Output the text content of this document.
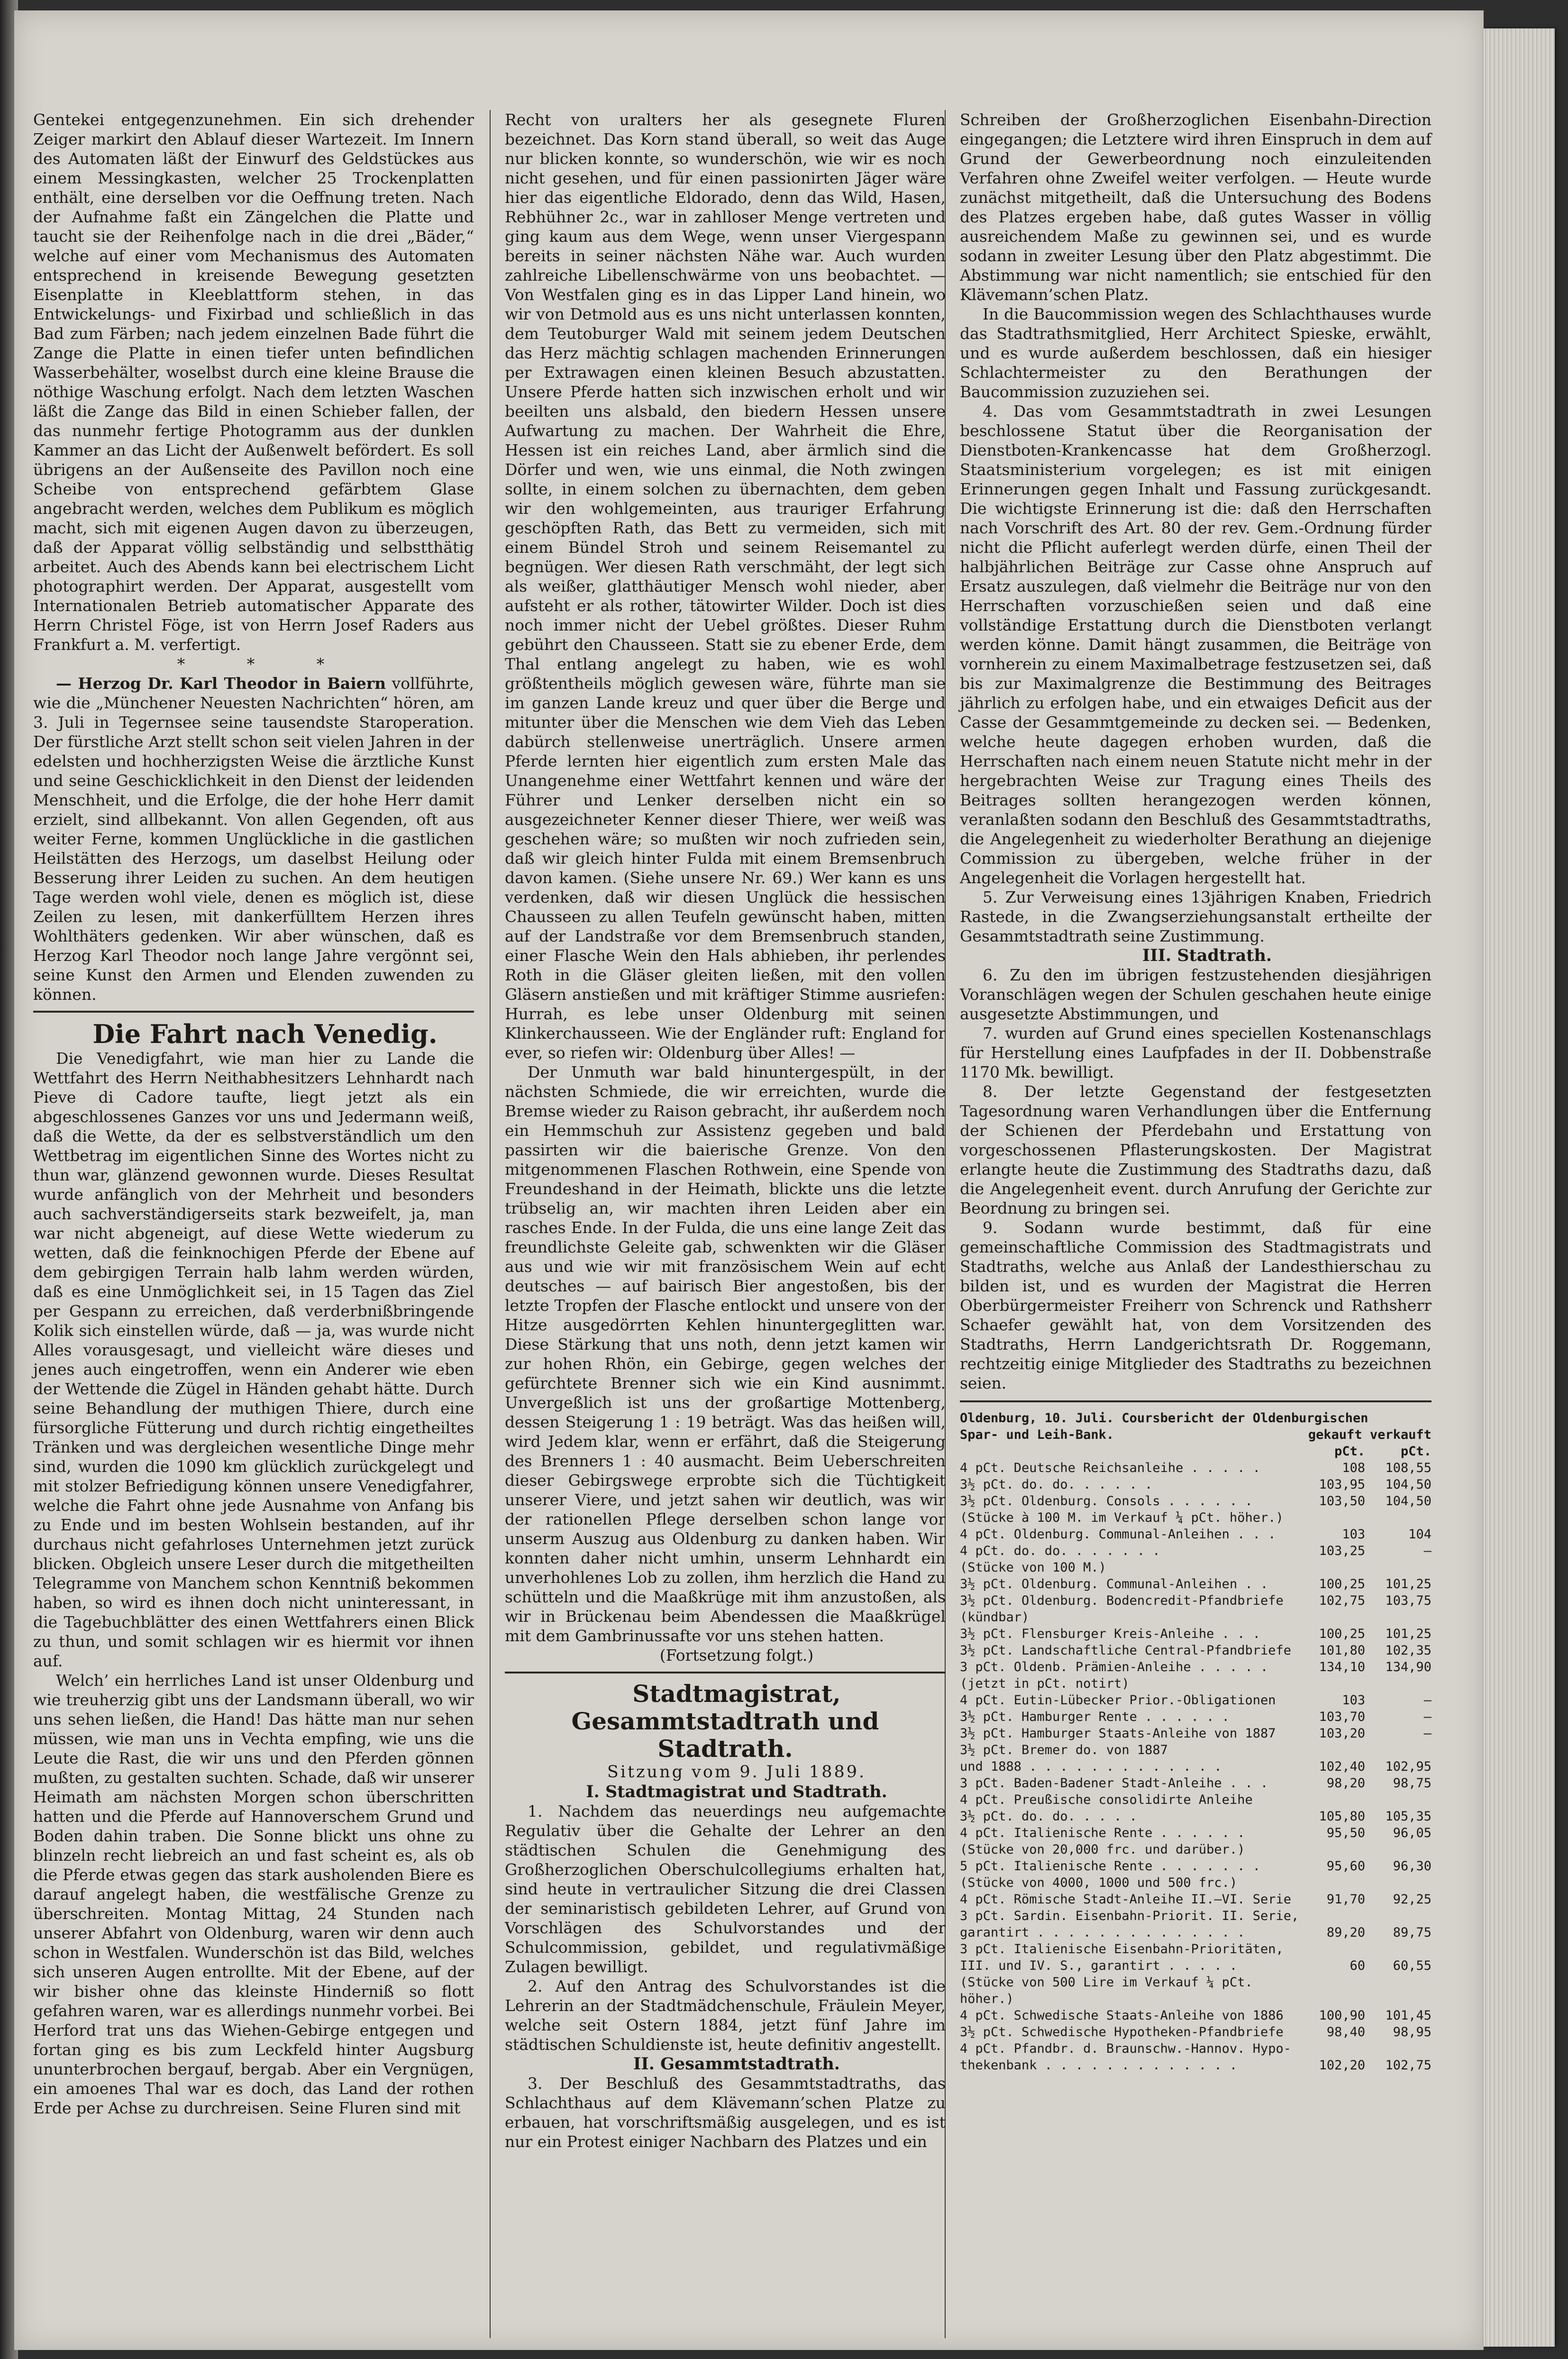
Gentekei entgegenzunehmen. Ein sich drehender Zeiger markirt den Ablauf dieser Wartezeit. Im Innern des Automaten läßt der Einwurf des Geldstückes aus einem Messingkasten, welcher 25 Trockenplatten enthält, eine derselben vor die Oeffnung treten. Nach der Aufnahme faßt ein Zängelchen die Platte und taucht sie der Reihenfolge nach in die drei „Bäder,“ welche auf einer vom Mechanismus des Automaten entsprechend in kreisende Bewegung gesetzten Eisenplatte in Kleeblattform stehen, in das Entwickelungs- und Fixirbad und schließlich in das Bad zum Färben; nach jedem einzelnen Bade führt die Zange die Platte in einen tiefer unten befindlichen Wasserbehälter, woselbst durch eine kleine Brause die nöthige Waschung erfolgt. Nach dem letzten Waschen läßt die Zange das Bild in einen Schieber fallen, der das nunmehr fertige Photogramm aus der dunklen Kammer an das Licht der Außenwelt befördert. Es soll übrigens an der Außenseite des Pavillon noch eine Scheibe von entsprechend gefärbtem Glase angebracht werden, welches dem Publikum es möglich macht, sich mit eigenen Augen davon zu überzeugen, daß der Apparat völlig selbständig und selbstthätig arbeitet. Auch des Abends kann bei electrischem Licht photographirt werden. Der Apparat, ausgestellt vom Internationalen Betrieb automatischer Apparate des Herrn Christel Föge, ist von Herrn Josef Raders aus Frankfurt a. M. verfertigt.

* * *

— Herzog Dr. Karl Theodor in Baiern vollführte, wie die „Münchener Neuesten Nachrichten“ hören, am 3. Juli in Tegernsee seine tausendste Staroperation. Der fürstliche Arzt stellt schon seit vielen Jahren in der edelsten und hochherzigsten Weise die ärztliche Kunst und seine Geschicklichkeit in den Dienst der leidenden Menschheit, und die Erfolge, die der hohe Herr damit erzielt, sind allbekannt. Von allen Gegenden, oft aus weiter Ferne, kommen Unglückliche in die gastlichen Heilstätten des Herzogs, um daselbst Heilung oder Besserung ihrer Leiden zu suchen. An dem heutigen Tage werden wohl viele, denen es möglich ist, diese Zeilen zu lesen, mit dankerfülltem Herzen ihres Wohlthäters gedenken. Wir aber wünschen, daß es Herzog Karl Theodor noch lange Jahre vergönnt sei, seine Kunst den Armen und Elenden zuwenden zu können.

Die Fahrt nach Venedig.

Die Venedigfahrt, wie man hier zu Lande die Wettfahrt des Herrn Neithabhesitzers Lehnhardt nach Pieve di Cadore taufte, liegt jetzt als ein abgeschlossenes Ganzes vor uns und Jedermann weiß, daß die Wette, da der es selbstverständlich um den Wettbetrag im eigentlichen Sinne des Wortes nicht zu thun war, glänzend gewonnen wurde. Dieses Resultat wurde anfänglich von der Mehrheit und besonders auch sachverständigerseits stark bezweifelt, ja, man war nicht abgeneigt, auf diese Wette wiederum zu wetten, daß die feinknochigen Pferde der Ebene auf dem gebirgigen Terrain halb lahm werden würden, daß es eine Unmöglichkeit sei, in 15 Tagen das Ziel per Gespann zu erreichen, daß verderbnißbringende Kolik sich einstellen würde, daß — ja, was wurde nicht Alles vorausgesagt, und vielleicht wäre dieses und jenes auch eingetroffen, wenn ein Anderer wie eben der Wettende die Zügel in Händen gehabt hätte. Durch seine Behandlung der muthigen Thiere, durch eine fürsorgliche Fütterung und durch richtig eingetheiltes Tränken und was dergleichen wesentliche Dinge mehr sind, wurden die 1090 km glücklich zurückgelegt und mit stolzer Befriedigung können unsere Venedigfahrer, welche die Fahrt ohne jede Ausnahme von Anfang bis zu Ende und im besten Wohlsein bestanden, auf ihr durchaus nicht gefahrloses Unternehmen jetzt zurück blicken. Obgleich unsere Leser durch die mitgetheilten Telegramme von Manchem schon Kenntniß bekommen haben, so wird es ihnen doch nicht uninteressant, in die Tagebuchblätter des einen Wettfahrers einen Blick zu thun, und somit schlagen wir es hiermit vor ihnen auf.

Welch’ ein herrliches Land ist unser Oldenburg und wie treuherzig gibt uns der Landsmann überall, wo wir uns sehen ließen, die Hand! Das hätte man nur sehen müssen, wie man uns in Vechta empfing, wie uns die Leute die Rast, die wir uns und den Pferden gönnen mußten, zu gestalten suchten. Schade, daß wir unserer Heimath am nächsten Morgen schon überschritten hatten und die Pferde auf Hannoverschem Grund und Boden dahin traben. Die Sonne blickt uns ohne zu blinzeln recht liebreich an und fast scheint es, als ob die Pferde etwas gegen das stark ausholenden Biere es darauf angelegt haben, die westfälische Grenze zu überschreiten. Montag Mittag, 24 Stunden nach unserer Abfahrt von Oldenburg, waren wir denn auch schon in Westfalen. Wunderschön ist das Bild, welches sich unseren Augen entrollte. Mit der Ebene, auf der wir bisher ohne das kleinste Hinderniß so flott gefahren waren, war es allerdings nunmehr vorbei. Bei Herford trat uns das Wiehen-Gebirge entgegen und fortan ging es bis zum Leckfeld hinter Augsburg ununterbrochen bergauf, bergab. Aber ein Vergnügen, ein amoenes Thal war es doch, das Land der rothen Erde per Achse zu durchreisen. Seine Fluren sind mit

Recht von uralters her als gesegnete Fluren bezeichnet. Das Korn stand überall, so weit das Auge nur blicken konnte, so wunderschön, wie wir es noch nicht gesehen, und für einen passionirten Jäger wäre hier das eigentliche Eldorado, denn das Wild, Hasen, Rebhühner 2c., war in zahlloser Menge vertreten und ging kaum aus dem Wege, wenn unser Viergespann bereits in seiner nächsten Nähe war. Auch wurden zahlreiche Libellenschwärme von uns beobachtet. — Von Westfalen ging es in das Lipper Land hinein, wo wir von Detmold aus es uns nicht unterlassen konnten, dem Teutoburger Wald mit seinem jedem Deutschen das Herz mächtig schlagen machenden Erinnerungen per Extrawagen einen kleinen Besuch abzustatten. Unsere Pferde hatten sich inzwischen erholt und wir beeilten uns alsbald, den biedern Hessen unsere Aufwartung zu machen. Der Wahrheit die Ehre, Hessen ist ein reiches Land, aber ärmlich sind die Dörfer und wen, wie uns einmal, die Noth zwingen sollte, in einem solchen zu übernachten, dem geben wir den wohlgemeinten, aus trauriger Erfahrung geschöpften Rath, das Bett zu vermeiden, sich mit einem Bündel Stroh und seinem Reisemantel zu begnügen. Wer diesen Rath verschmäht, der legt sich als weißer, glatthäutiger Mensch wohl nieder, aber aufsteht er als rother, tätowirter Wilder. Doch ist dies noch immer nicht der Uebel größtes. Dieser Ruhm gebührt den Chausseen. Statt sie zu ebener Erde, dem Thal entlang angelegt zu haben, wie es wohl größtentheils möglich gewesen wäre, führte man sie im ganzen Lande kreuz und quer über die Berge und mitunter über die Menschen wie dem Vieh das Leben dabürch stellenweise unerträglich. Unsere armen Pferde lernten hier eigentlich zum ersten Male das Unangenehme einer Wettfahrt kennen und wäre der Führer und Lenker derselben nicht ein so ausgezeichneter Kenner dieser Thiere, wer weiß was geschehen wäre; so mußten wir noch zufrieden sein, daß wir gleich hinter Fulda mit einem Bremsenbruch davon kamen. (Siehe unsere Nr. 69.) Wer kann es uns verdenken, daß wir diesen Unglück die hessischen Chausseen zu allen Teufeln gewünscht haben, mitten auf der Landstraße vor dem Bremsenbruch standen, einer Flasche Wein den Hals abhieben, ihr perlendes Roth in die Gläser gleiten ließen, mit den vollen Gläsern anstießen und mit kräftiger Stimme ausriefen: Hurrah, es lebe unser Oldenburg mit seinen Klinkerchausseen. Wie der Engländer ruft: England for ever, so riefen wir: Oldenburg über Alles! —

Der Unmuth war bald hinuntergespült, in der nächsten Schmiede, die wir erreichten, wurde die Bremse wieder zu Raison gebracht, ihr außerdem noch ein Hemmschuh zur Assistenz gegeben und bald passirten wir die baierische Grenze. Von den mitgenommenen Flaschen Rothwein, eine Spende von Freundeshand in der Heimath, blickte uns die letzte trübselig an, wir machten ihren Leiden aber ein rasches Ende. In der Fulda, die uns eine lange Zeit das freundlichste Geleite gab, schwenkten wir die Gläser aus und wie wir mit französischem Wein auf echt deutsches — auf bairisch Bier angestoßen, bis der letzte Tropfen der Flasche entlockt und unsere von der Hitze ausgedörrten Kehlen hinuntergeglitten war. Diese Stärkung that uns noth, denn jetzt kamen wir zur hohen Rhön, ein Gebirge, gegen welches der gefürchtete Brenner sich wie ein Kind ausnimmt. Unvergeßlich ist uns der großartige Mottenberg, dessen Steigerung 1 : 19 beträgt. Was das heißen will, wird Jedem klar, wenn er erfährt, daß die Steigerung des Brenners 1 : 40 ausmacht. Beim Ueberschreiten dieser Gebirgswege erprobte sich die Tüchtigkeit unserer Viere, und jetzt sahen wir deutlich, was wir der rationellen Pflege derselben schon lange vor unserm Auszug aus Oldenburg zu danken haben. Wir konnten daher nicht umhin, unserm Lehnhardt ein unverhohlenes Lob zu zollen, ihm herzlich die Hand zu schütteln und die Maaßkrüge mit ihm anzustoßen, als wir in Brückenau beim Abendessen die Maaßkrügel mit dem Gambrinussafte vor uns stehen hatten.

(Fortsetzung folgt.)

Stadtmagistrat, Gesammtstadtrath und Stadtrath.

Sitzung vom 9. Juli 1889.

I. Stadtmagistrat und Stadtrath.

1. Nachdem das neuerdings neu aufgemachte Regulativ über die Gehalte der Lehrer an den städtischen Schulen die Genehmigung des Großherzoglichen Oberschulcollegiums erhalten hat, sind heute in vertraulicher Sitzung die drei Classen der seminaristisch gebildeten Lehrer, auf Grund von Vorschlägen des Schulvorstandes und der Schulcommission, gebildet, und regulativmäßige Zulagen bewilligt.

2. Auf den Antrag des Schulvorstandes ist die Lehrerin an der Stadtmädchenschule, Fräulein Meyer, welche seit Ostern 1884, jetzt fünf Jahre im städtischen Schuldienste ist, heute definitiv angestellt.

II. Gesammtstadtrath.

3. Der Beschluß des Gesammtstadtraths, das Schlachthaus auf dem Klävemann’schen Platze zu erbauen, hat vorschriftsmäßig ausgelegen, und es ist nur ein Protest einiger Nachbarn des Platzes und ein

Schreiben der Großherzoglichen Eisenbahn-Direction eingegangen; die Letztere wird ihren Einspruch in dem auf Grund der Gewerbeordnung noch einzuleitenden Verfahren ohne Zweifel weiter verfolgen. — Heute wurde zunächst mitgetheilt, daß die Untersuchung des Bodens des Platzes ergeben habe, daß gutes Wasser in völlig ausreichendem Maße zu gewinnen sei, und es wurde sodann in zweiter Lesung über den Platz abgestimmt. Die Abstimmung war nicht namentlich; sie entschied für den Klävemann’schen Platz.

In die Baucommission wegen des Schlachthauses wurde das Stadtrathsmitglied, Herr Architect Spieske, erwählt, und es wurde außerdem beschlossen, daß ein hiesiger Schlachtermeister zu den Berathungen der Baucommission zuzuziehen sei.

4. Das vom Gesammtstadtrath in zwei Lesungen beschlossene Statut über die Reorganisation der Dienstboten-Krankencasse hat dem Großherzogl. Staatsministerium vorgelegen; es ist mit einigen Erinnerungen gegen Inhalt und Fassung zurückgesandt. Die wichtigste Erinnerung ist die: daß den Herrschaften nach Vorschrift des Art. 80 der rev. Gem.-Ordnung fürder nicht die Pflicht auferlegt werden dürfe, einen Theil der halbjährlichen Beiträge zur Casse ohne Anspruch auf Ersatz auszulegen, daß vielmehr die Beiträge nur von den Herrschaften vorzuschießen seien und daß eine vollständige Erstattung durch die Dienstboten verlangt werden könne. Damit hängt zusammen, die Beiträge von vornherein zu einem Maximalbetrage festzusetzen sei, daß bis zur Maximalgrenze die Bestimmung des Beitrages jährlich zu erfolgen habe, und ein etwaiges Deficit aus der Casse der Gesammtgemeinde zu decken sei. — Bedenken, welche heute dagegen erhoben wurden, daß die Herrschaften nach einem neuen Statute nicht mehr in der hergebrachten Weise zur Tragung eines Theils des Beitrages sollten herangezogen werden können, veranlaßten sodann den Beschluß des Gesammtstadtraths, die Angelegenheit zu wiederholter Berathung an diejenige Commission zu übergeben, welche früher in der Angelegenheit die Vorlagen hergestellt hat.

5. Zur Verweisung eines 13jährigen Knaben, Friedrich Rastede, in die Zwangserziehungsanstalt ertheilte der Gesammtstadtrath seine Zustimmung.

III. Stadtrath.

6. Zu den im übrigen festzustehenden diesjährigen Voranschlägen wegen der Schulen geschahen heute einige ausgesetzte Abstimmungen, und

7. wurden auf Grund eines speciellen Kostenanschlags für Herstellung eines Laufpfades in der II. Dobbenstraße 1170 Mk. bewilligt.

8. Der letzte Gegenstand der festgesetzten Tagesordnung waren Verhandlungen über die Entfernung der Schienen der Pferdebahn und Erstattung von vorgeschossenen Pflasterungskosten. Der Magistrat erlangte heute die Zustimmung des Stadtraths dazu, daß die Angelegenheit event. durch Anrufung der Gerichte zur Beordnung zu bringen sei.

9. Sodann wurde bestimmt, daß für eine gemeinschaftliche Commission des Stadtmagistrats und Stadtraths, welche aus Anlaß der Landesthierschau zu bilden ist, und es wurden der Magistrat die Herren Oberbürgermeister Freiherr von Schrenck und Rathsherr Schaefer gewählt hat, von dem Vorsitzenden des Stadtraths, Herrn Landgerichtsrath Dr. Roggemann, rechtzeitig einige Mitglieder des Stadtraths zu bezeichnen seien.

Oldenburg, 10. Juli. Coursbericht der Oldenburgischen
Spar- und Leih-Bank.	gekauft verkauft	
	pCt.	pCt.
4 pCt. Deutsche Reichsanleihe . . . . .	108	108,55
3½ pCt. do. do. . . . . .	103,95	104,50
3½ pCt. Oldenburg. Consols . . . . . .	103,50	104,50
(Stücke à 100 M. im Verkauf ¼ pCt. höher.)		
4 pCt. Oldenburg. Communal-Anleihen . . .	103	104
4 pCt. do. do. . . . . . .	103,25	—
(Stücke von 100 M.)		
3½ pCt. Oldenburg. Communal-Anleihen . .	100,25	101,25
3½ pCt. Oldenburg. Bodencredit-Pfandbriefe	102,75	103,75
(kündbar)		
3½ pCt. Flensburger Kreis-Anleihe . . .	100,25	101,25
3½ pCt. Landschaftliche Central-Pfandbriefe	101,80	102,35
3 pCt. Oldenb. Prämien-Anleihe . . . . .	134,10	134,90
(jetzt in pCt. notirt)		
4 pCt. Eutin-Lübecker Prior.-Obligationen	103	—
3½ pCt. Hamburger Rente . . . . . .	103,70	—
3½ pCt. Hamburger Staats-Anleihe von 1887	103,20	—
3½ pCt. Bremer do. von 1887		
und 1888 . . . . . . . . . . . . .	102,40	102,95
3 pCt. Baden-Badener Stadt-Anleihe . . .	98,20	98,75
4 pCt. Preußische consolidirte Anleihe		
3½ pCt. do. do. . . . .	105,80	105,35
4 pCt. Italienische Rente . . . . . .	95,50	96,05
(Stücke von 20,000 frc. und darüber.)		
5 pCt. Italienische Rente . . . . . . .	95,60	96,30
(Stücke von 4000, 1000 und 500 frc.)		
4 pCt. Römische Stadt-Anleihe II.—VI. Serie	91,70	92,25
3 pCt. Sardin. Eisenbahn-Priorit. II. Serie,		
garantirt . . . . . . . . . . . . . .	89,20	89,75
3 pCt. Italienische Eisenbahn-Prioritäten,		
III. und IV. S., garantirt . . . . .	60	60,55
(Stücke von 500 Lire im Verkauf ¼ pCt.		
höher.)		
4 pCt. Schwedische Staats-Anleihe von 1886	100,90	101,45
3½ pCt. Schwedische Hypotheken-Pfandbriefe	98,40	98,95
4 pCt. Pfandbr. d. Braunschw.-Hannov. Hypo-		
thekenbank . . . . . . . . . . . . .	102,20	102,75
